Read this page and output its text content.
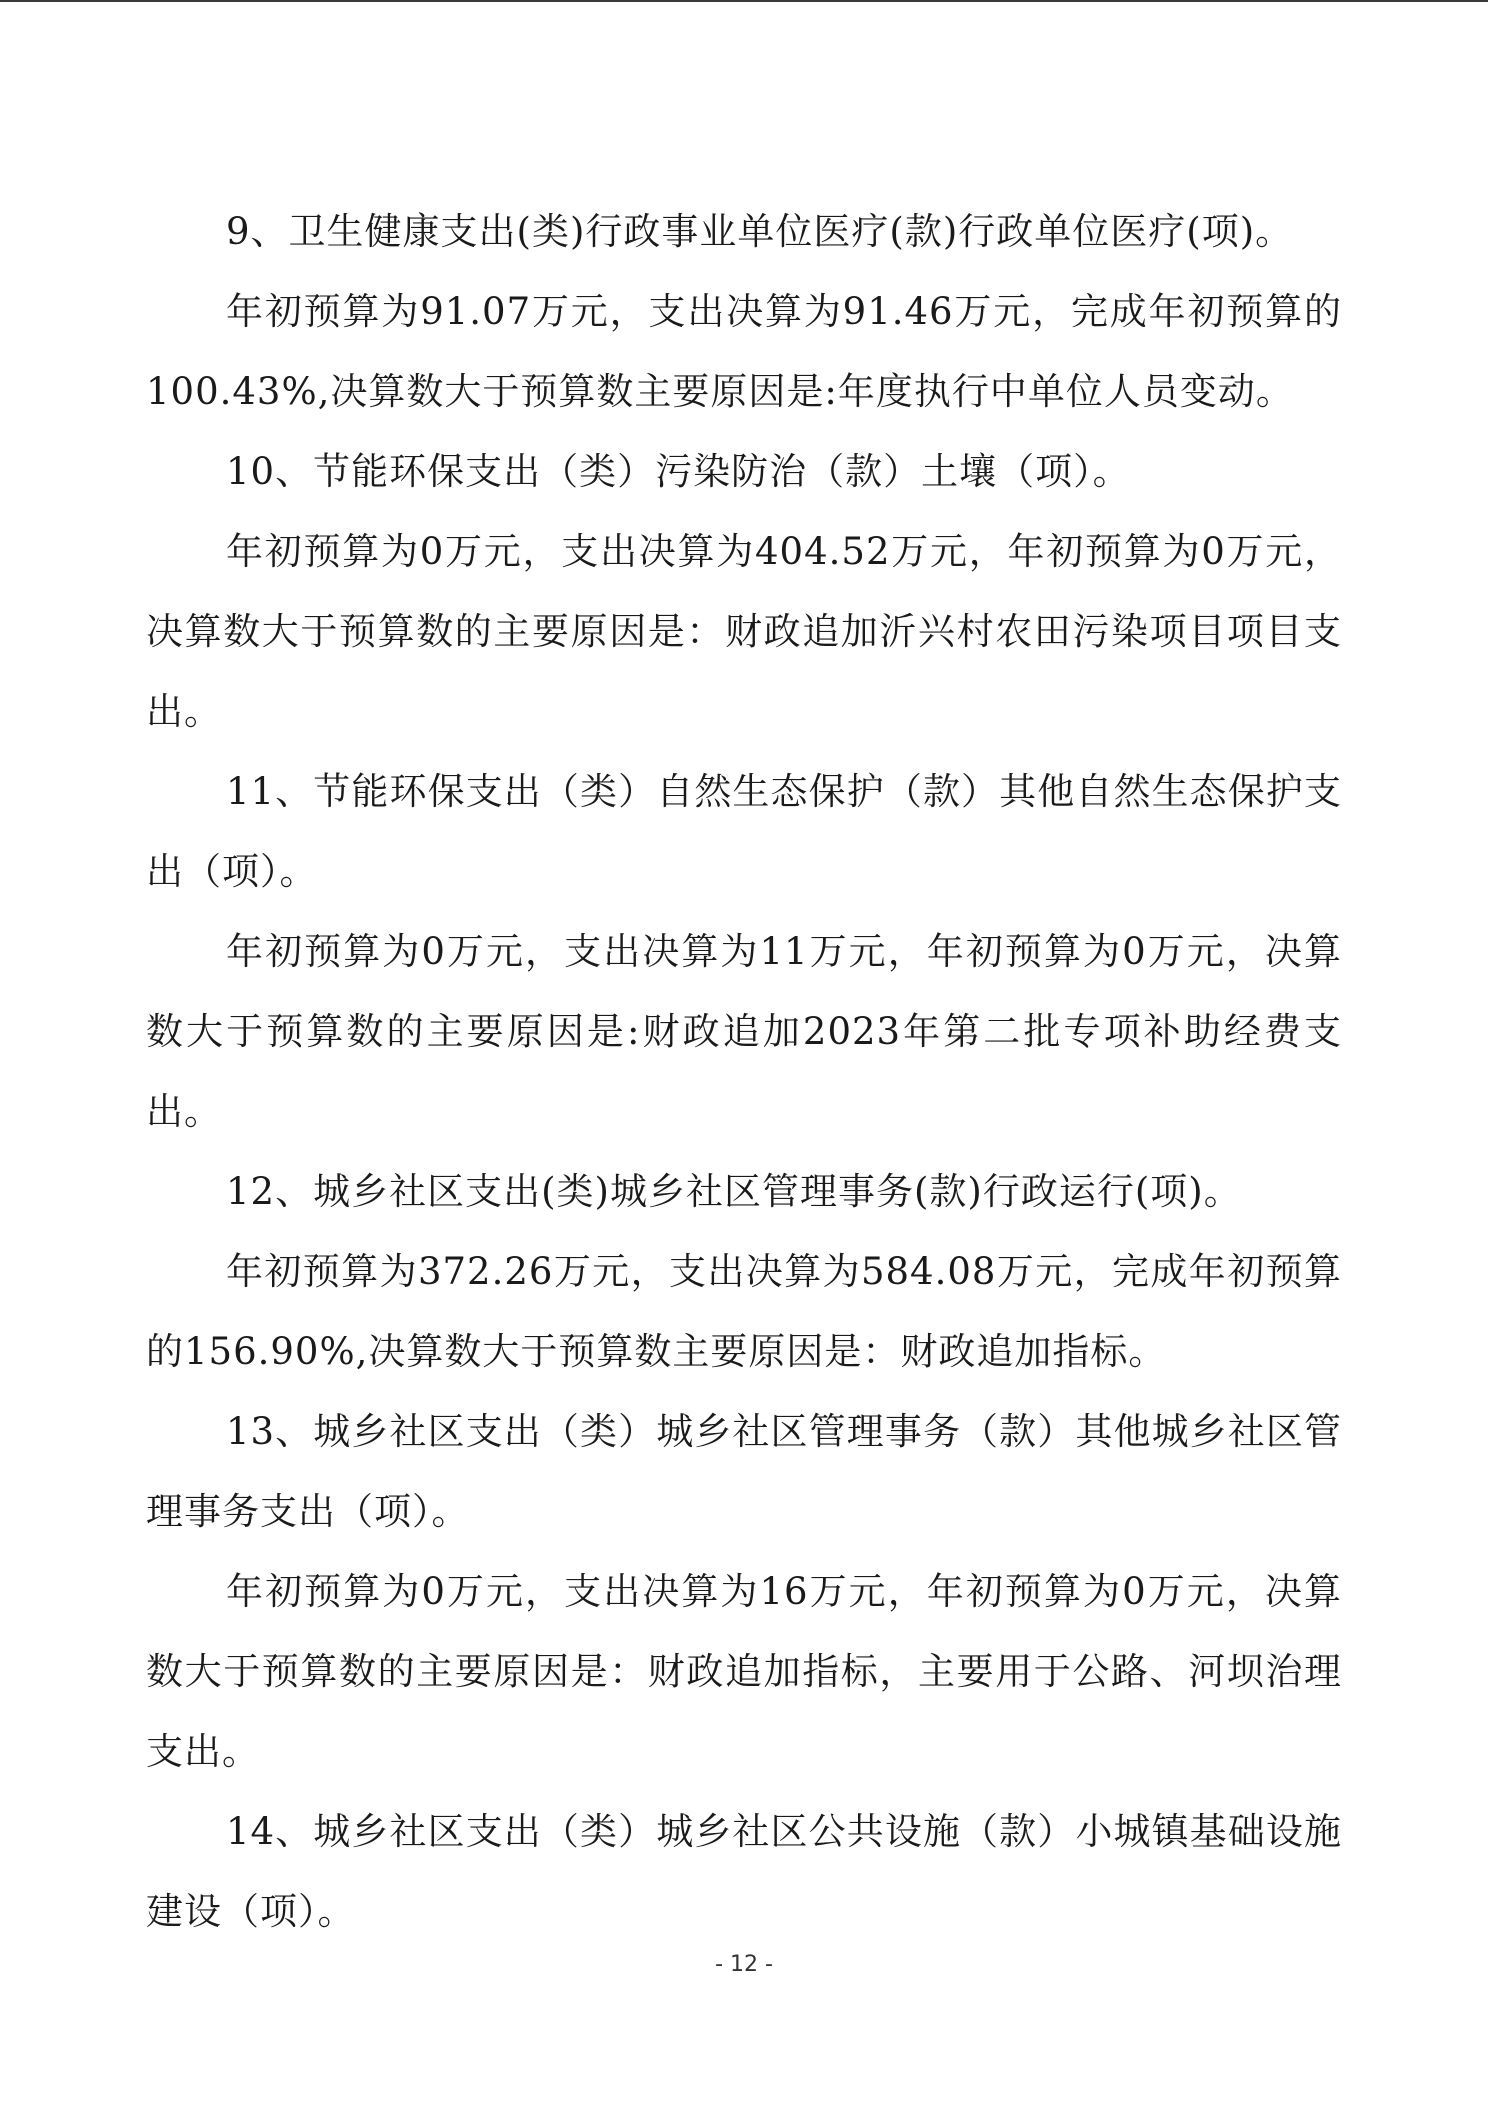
9、卫生健康支出(类)行政事业单位医疗(款)行政单位医疗(项)。

年初预算为91.07万元，支出决算为91.46万元，完成年初预算的100.43%,决算数大于预算数主要原因是:年度执行中单位人员变动。

10、节能环保支出（类）污染防治（款）土壤（项）。

年初预算为0万元，支出决算为404.52万元，年初预算为0万元，决算数大于预算数的主要原因是：财政追加沂兴村农田污染项目项目支出。

11、节能环保支出（类）自然生态保护（款）其他自然生态保护支出（项）。

年初预算为0万元，支出决算为11万元，年初预算为0万元，决算数大于预算数的主要原因是:财政追加2023年第二批专项补助经费支出。

12、城乡社区支出(类)城乡社区管理事务(款)行政运行(项)。

年初预算为372.26万元，支出决算为584.08万元，完成年初预算的156.90%,决算数大于预算数主要原因是：财政追加指标。

13、城乡社区支出（类）城乡社区管理事务（款）其他城乡社区管理事务支出（项）。

年初预算为0万元，支出决算为16万元，年初预算为0万元，决算数大于预算数的主要原因是：财政追加指标，主要用于公路、河坝治理支出。

14、城乡社区支出（类）城乡社区公共设施（款）小城镇基础设施建设（项）。

- 12 -
